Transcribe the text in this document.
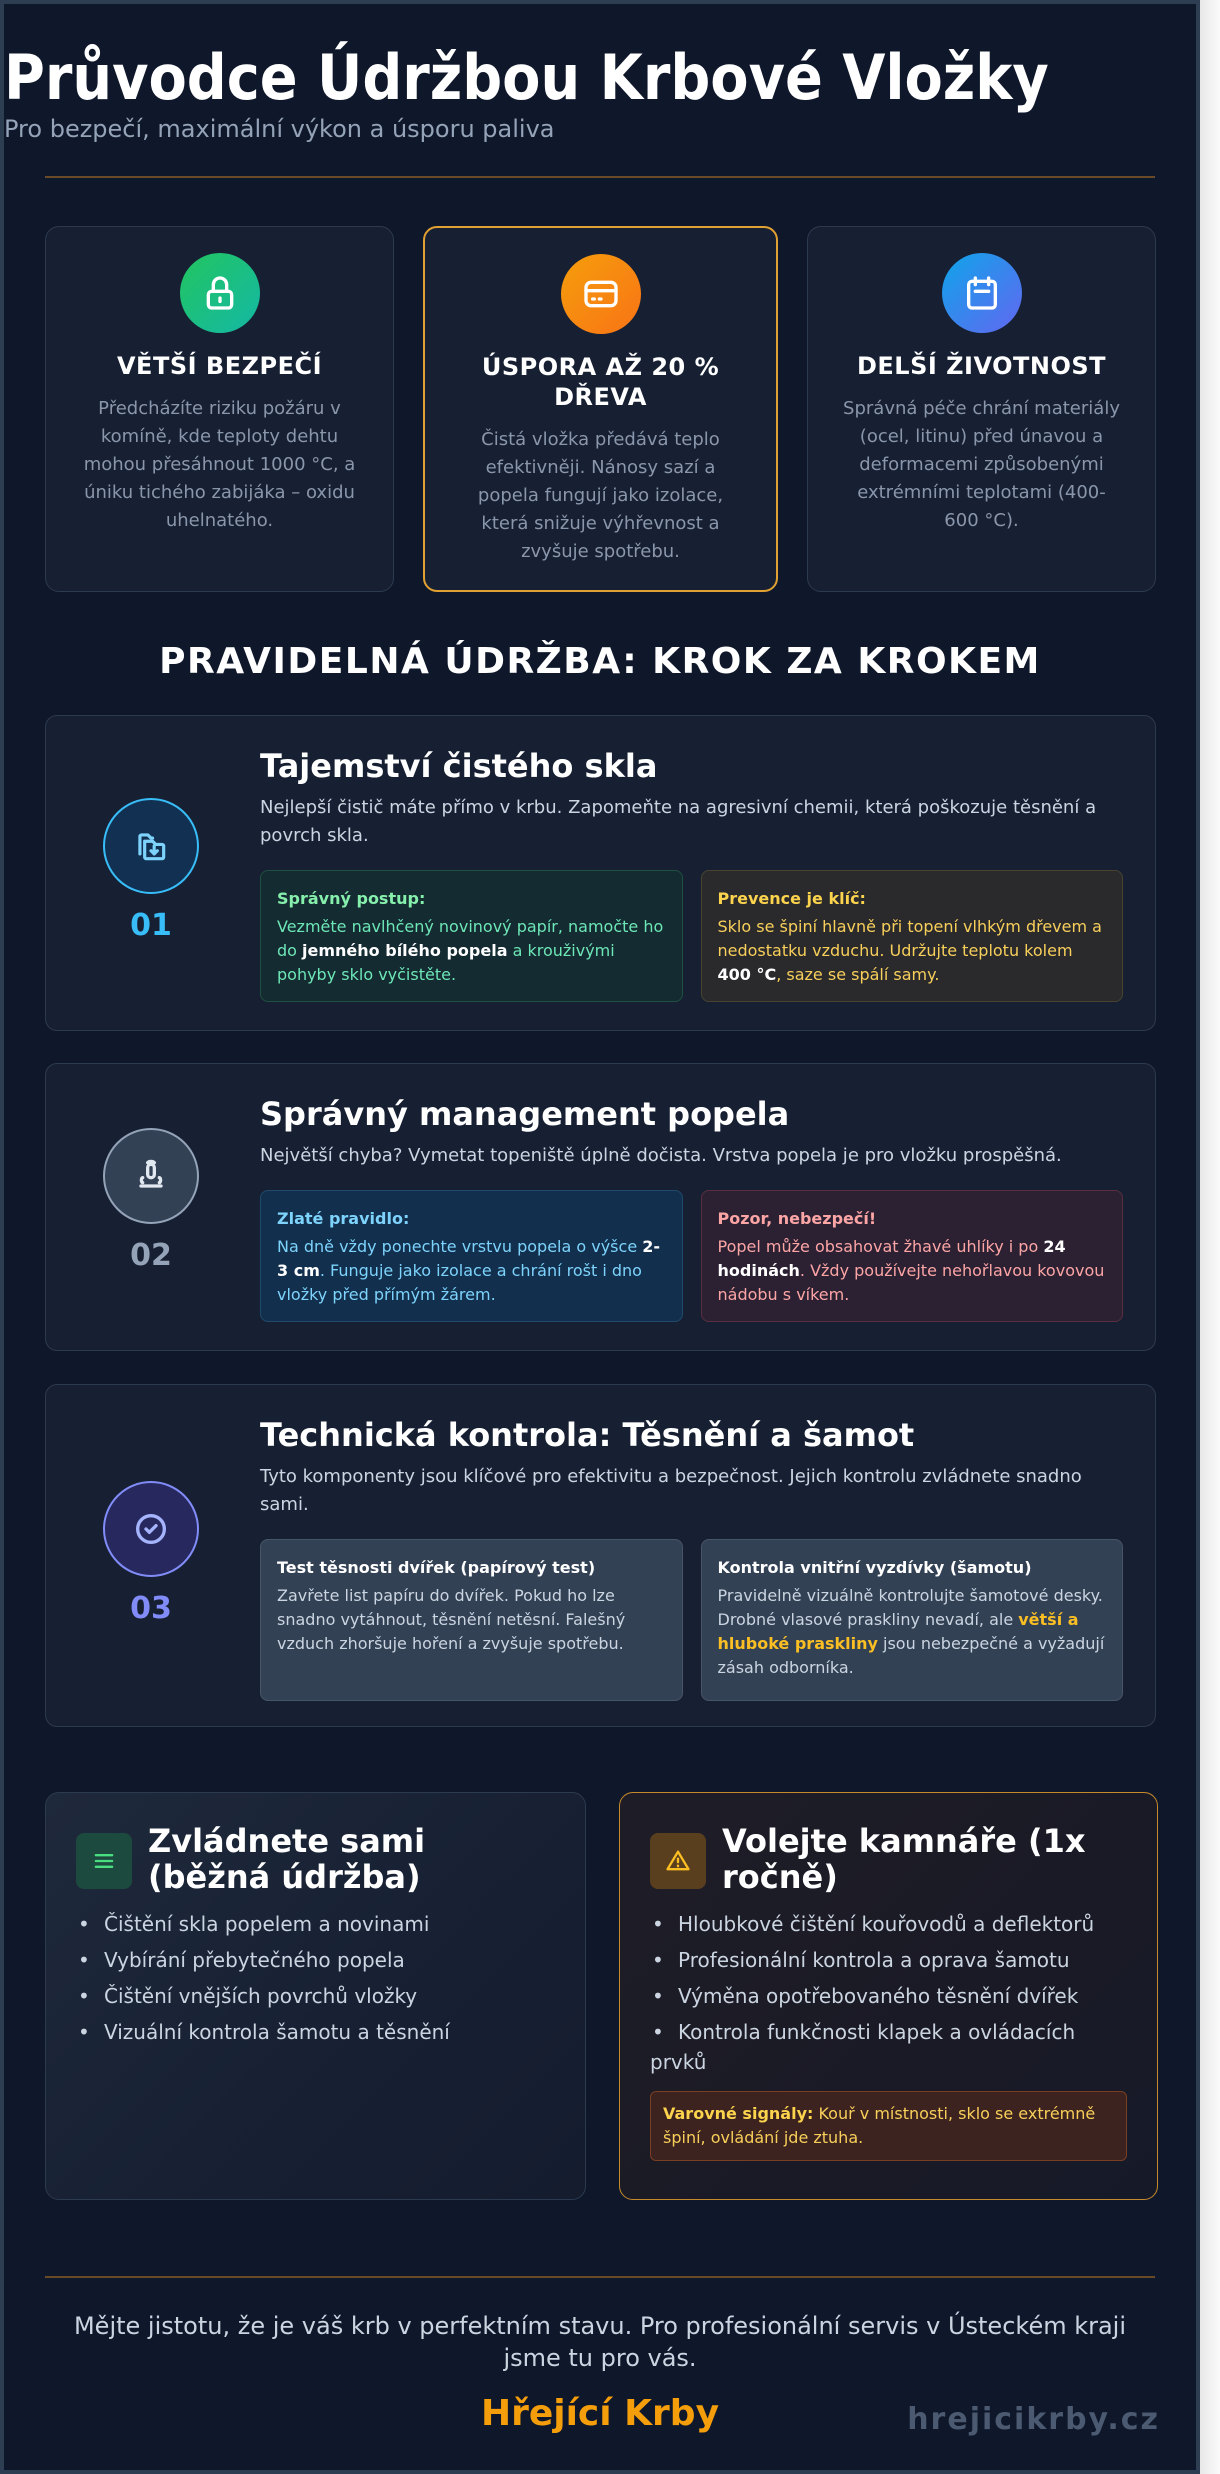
Průvodce Údržbou Krbové Vložky
Pro bezpečí, maximální výkon a úsporu paliva
VĚTŠÍ BEZPEČÍ
Předcházíte riziku požáru v komíně, kde teploty dehtu mohou přesáhnout 1000 °C, a úniku tichého zabijáka – oxidu uhelnatého.
ÚSPORA AŽ 20 % DŘEVA
Čistá vložka předává teplo efektivněji. Nánosy sazí a popela fungují jako izolace, která snižuje výhřevnost a zvyšuje spotřebu.
DELŠÍ ŽIVOTNOST
Správná péče chrání materiály (ocel, litinu) před únavou a deformacemi způsobenými extrémními teplotami (400-600 °C).
PRAVIDELNÁ ÚDRŽBA: KROK ZA KROKEM
01
Tajemství čistého skla
Nejlepší čistič máte přímo v krbu. Zapomeňte na agresivní chemii, která poškozuje těsnění a povrch skla.
Správný postup:
Vezměte navlhčený novinový papír, namočte ho do jemného bílého popela a krouživými pohyby sklo vyčistěte.
Prevence je klíč:
Sklo se špiní hlavně při topení vlhkým dřevem a nedostatku vzduchu. Udržujte teplotu kolem 400 °C, saze se spálí samy.
02
Správný management popela
Největší chyba? Vymetat topeniště úplně dočista. Vrstva popela je pro vložku prospěšná.
Zlaté pravidlo:
Na dně vždy ponechte vrstvu popela o výšce 2-3 cm. Funguje jako izolace a chrání rošt i dno vložky před přímým žárem.
Pozor, nebezpečí!
Popel může obsahovat žhavé uhlíky i po 24 hodinách. Vždy používejte nehořlavou kovovou nádobu s víkem.
03
Technická kontrola: Těsnění a šamot
Tyto komponenty jsou klíčové pro efektivitu a bezpečnost. Jejich kontrolu zvládnete snadno sami.
Test těsnosti dvířek (papírový test)
Zavřete list papíru do dvířek. Pokud ho lze snadno vytáhnout, těsnění netěsní. Falešný vzduch zhoršuje hoření a zvyšuje spotřebu.
Kontrola vnitřní vyzdívky (šamotu)
Pravidelně vizuálně kontrolujte šamotové desky. Drobné vlasové praskliny nevadí, ale větší a hluboké praskliny jsou nebezpečné a vyžadují zásah odborníka.
Zvládnete sami (běžná údržba)
• Čištění skla popelem a novinami
• Vybírání přebytečného popela
• Čištění vnějších povrchů vložky
• Vizuální kontrola šamotu a těsnění
Volejte kamnáře (1x ročně)
• Hloubkové čištění kouřovodů a deflektorů
• Profesionální kontrola a oprava šamotu
• Výměna opotřebovaného těsnění dvířek
• Kontrola funkčnosti klapek a ovládacích prvků
Varovné signály: Kouř v místnosti, sklo se extrémně špiní, ovládání jde ztuha.
Mějte jistotu, že je váš krb v perfektním stavu. Pro profesionální servis v Ústeckém kraji jsme tu pro vás.
Hřející Krby	hrejicikrby.cz
